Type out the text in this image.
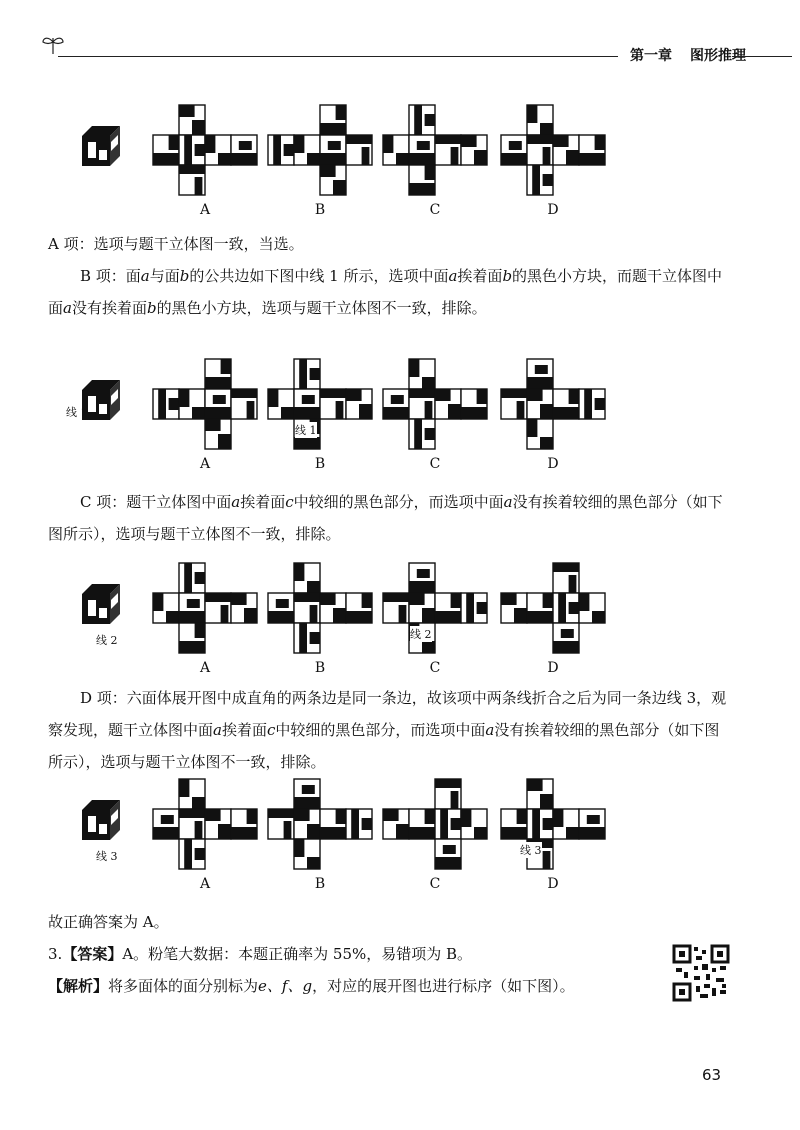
第一章 图形推理
A	B	C	D
A 项：选项与题干立体图一致，当选。
B 项：面a与面b的公共边如下图中线 1 所示，选项中面a挨着面b的黑色小方块，而题干立体图中面a没有挨着面b的黑色小方块，选项与题干立体图不一致，排除。
线 1
A	B
线 1
C	D
C 项：题干立体图中面a挨着面c中较细的黑色部分，而选项中面a没有挨着较细的黑色部分（如下图所示），选项与题干立体图不一致，排除。
线 2
A	B	C
线 2
D
D 项：六面体展开图中成直角的两条边是同一条边，故该项中两条线折合之后为同一条边线 3，观察发现，题干立体图中面a挨着面c中较细的黑色部分，而选项中面a没有挨着较细的黑色部分（如下图所示），选项与题干立体图不一致，排除。
线 3
A	B	C	D
线 3
故正确答案为 A。
3.【答案】A。粉笔大数据：本题正确率为 55%，易错项为 B。
【解析】将多面体的面分别标为e、f、g，对应的展开图也进行标序（如下图）。
63
